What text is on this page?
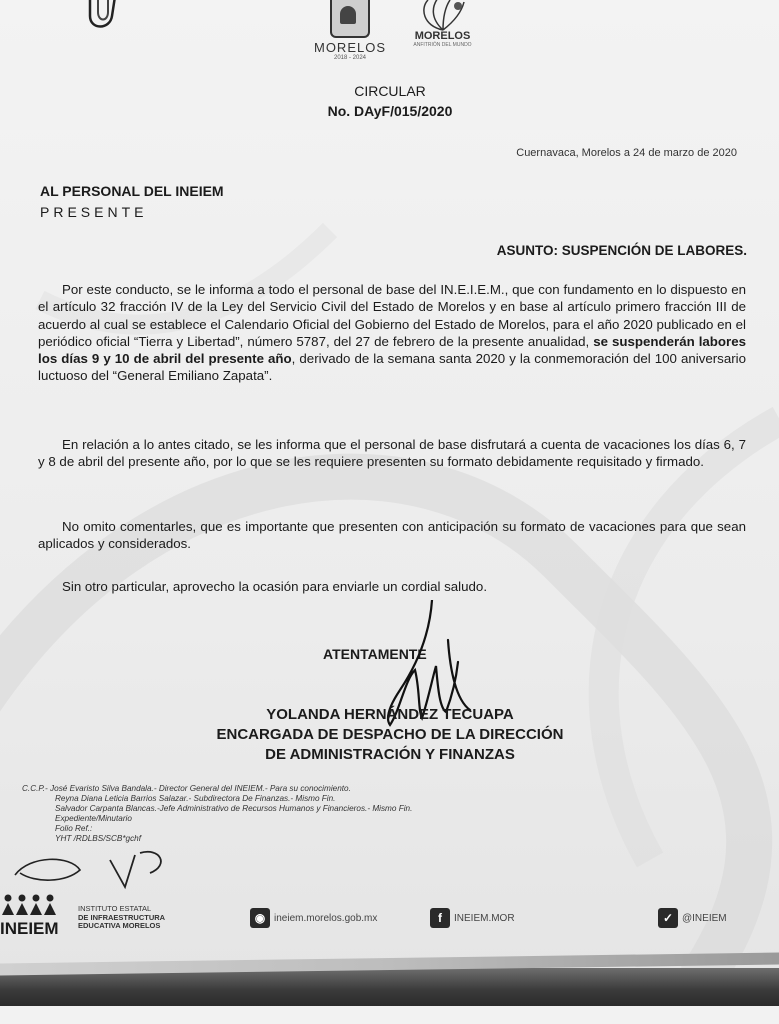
MORELOS
2018 - 2024
MORELOS
ANFITRIÓN DEL MUNDO
CIRCULAR
No. DAyF/015/2020
Cuernavaca, Morelos a 24 de marzo de 2020
AL PERSONAL DEL INEIEM
PRESENTE
ASUNTO: SUSPENCIÓN DE LABORES.

Por este conducto, se le informa a todo el personal de base del IN.E.I.E.M., que con fundamento en lo dispuesto en el artículo 32 fracción IV de la Ley del Servicio Civil del Estado de Morelos y en base al artículo primero fracción III de acuerdo al cual se establece el Calendario Oficial del Gobierno del Estado de Morelos, para el año 2020 publicado en el periódico oficial “Tierra y Libertad”, número 5787, del 27 de febrero de la presente anualidad, se suspenderán labores los días 9 y 10 de abril del presente año, derivado de la semana santa 2020 y la conmemoración del 100 aniversario luctuoso del “General Emiliano Zapata”.

En relación a lo antes citado, se les informa que el personal de base disfrutará a cuenta de vacaciones los días 6, 7 y 8 de abril del presente año, por lo que se les requiere presenten su formato debidamente requisitado y firmado.

No omito comentarles, que es importante que presenten con anticipación su formato de vacaciones para que sean aplicados y considerados.

Sin otro particular, aprovecho la ocasión para enviarle un cordial saludo.

ATENTAMENTE
YOLANDA HERNÁNDEZ TECUAPA
ENCARGADA DE DESPACHO DE LA DIRECCIÓN
DE ADMINISTRACIÓN Y FINANZAS
C.C.P.- José Evaristo Silva Bandala.- Director General del INEIEM.- Para su conocimiento.
Reyna Diana Leticia Barrios Salazar.- Subdirectora De Finanzas.- Mismo Fin.
Salvador Carpanta Blancas.-Jefe Administrativo de Recursos Humanos y Financieros.- Mismo Fin.
Expediente/Minutario
Folio Ref.:
YHT /RDLBS/SCB*gchf
INEIEM
INSTITUTO ESTATAL
DE INFRAESTRUCTURA
EDUCATIVA MORELOS
◉ ineiem.morelos.gob.mx	f	INEIEM.MOR	✓ @INEIEM
